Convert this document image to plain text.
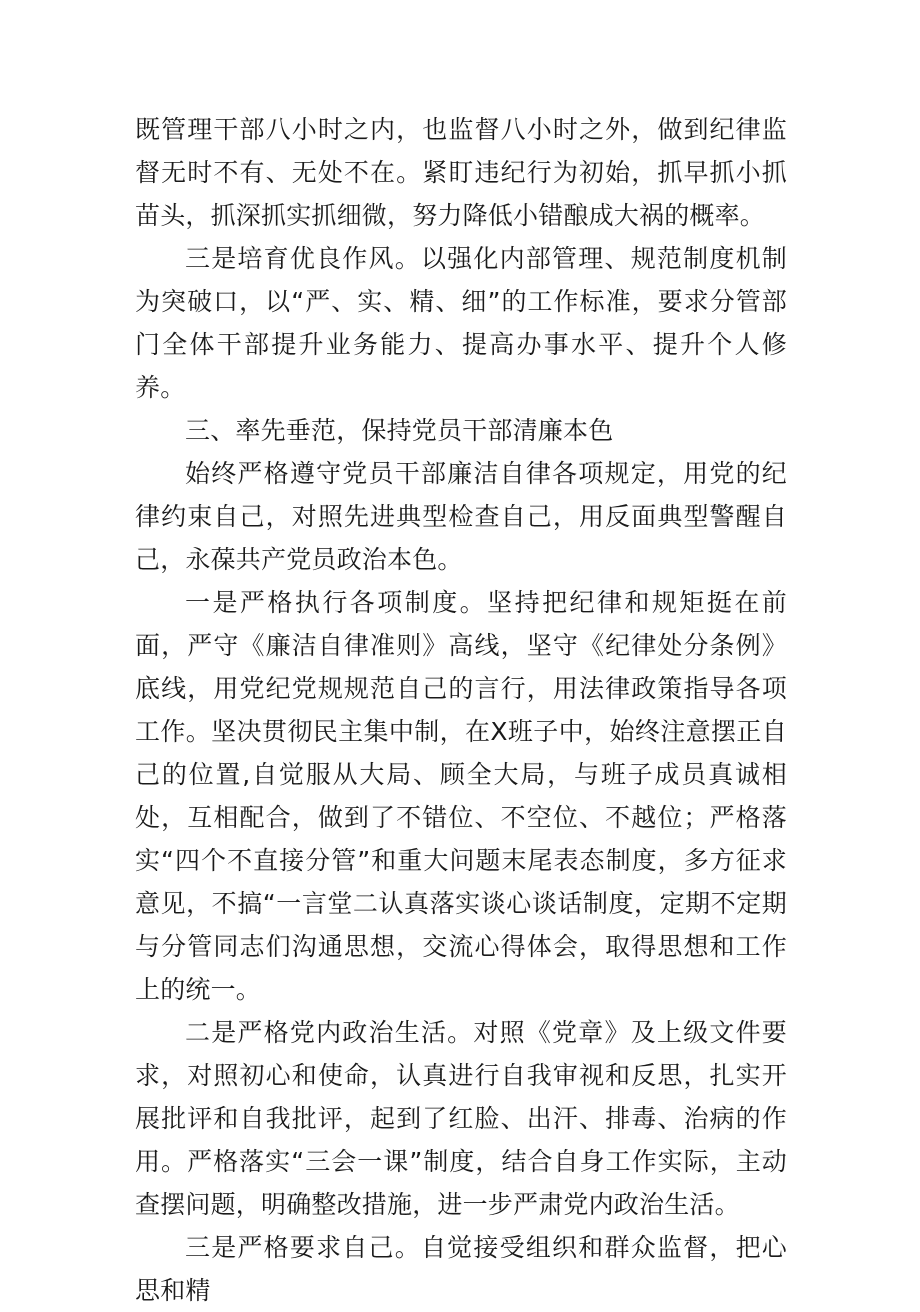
既管理干部八小时之内，也监督八小时之外，做到纪律监督无时不有、无处不在。紧盯违纪行为初始，抓早抓小抓苗头，抓深抓实抓细微，努力降低小错酿成大祸的概率。

三是培育优良作风。以强化内部管理、规范制度机制为突破口，以“严、实、精、细”的工作标准，要求分管部门全体干部提升业务能力、提高办事水平、提升个人修养。

三、率先垂范，保持党员干部清廉本色

始终严格遵守党员干部廉洁自律各项规定，用党的纪律约束自己，对照先进典型检查自己，用反面典型警醒自己，永葆共产党员政治本色。

一是严格执行各项制度。坚持把纪律和规矩挺在前面，严守《廉洁自律准则》高线，坚守《纪律处分条例》底线，用党纪党规规范自己的言行，用法律政策指导各项工作。坚决贯彻民主集中制，在X班子中，始终注意摆正自己的位置,自觉服从大局、顾全大局，与班子成员真诚相处，互相配合，做到了不错位、不空位、不越位；严格落实“四个不直接分管”和重大问题末尾表态制度，多方征求意见，不搞“一言堂二认真落实谈心谈话制度，定期不定期与分管同志们沟通思想，交流心得体会，取得思想和工作上的统一。

二是严格党内政治生活。对照《党章》及上级文件要求，对照初心和使命，认真进行自我审视和反思，扎实开展批评和自我批评，起到了红脸、出汗、排毒、治病的作用。严格落实“三会一课”制度，结合自身工作实际，主动查摆问题，明确整改措施，进一步严肃党内政治生活。

三是严格要求自己。自觉接受组织和群众监督，把心思和精
